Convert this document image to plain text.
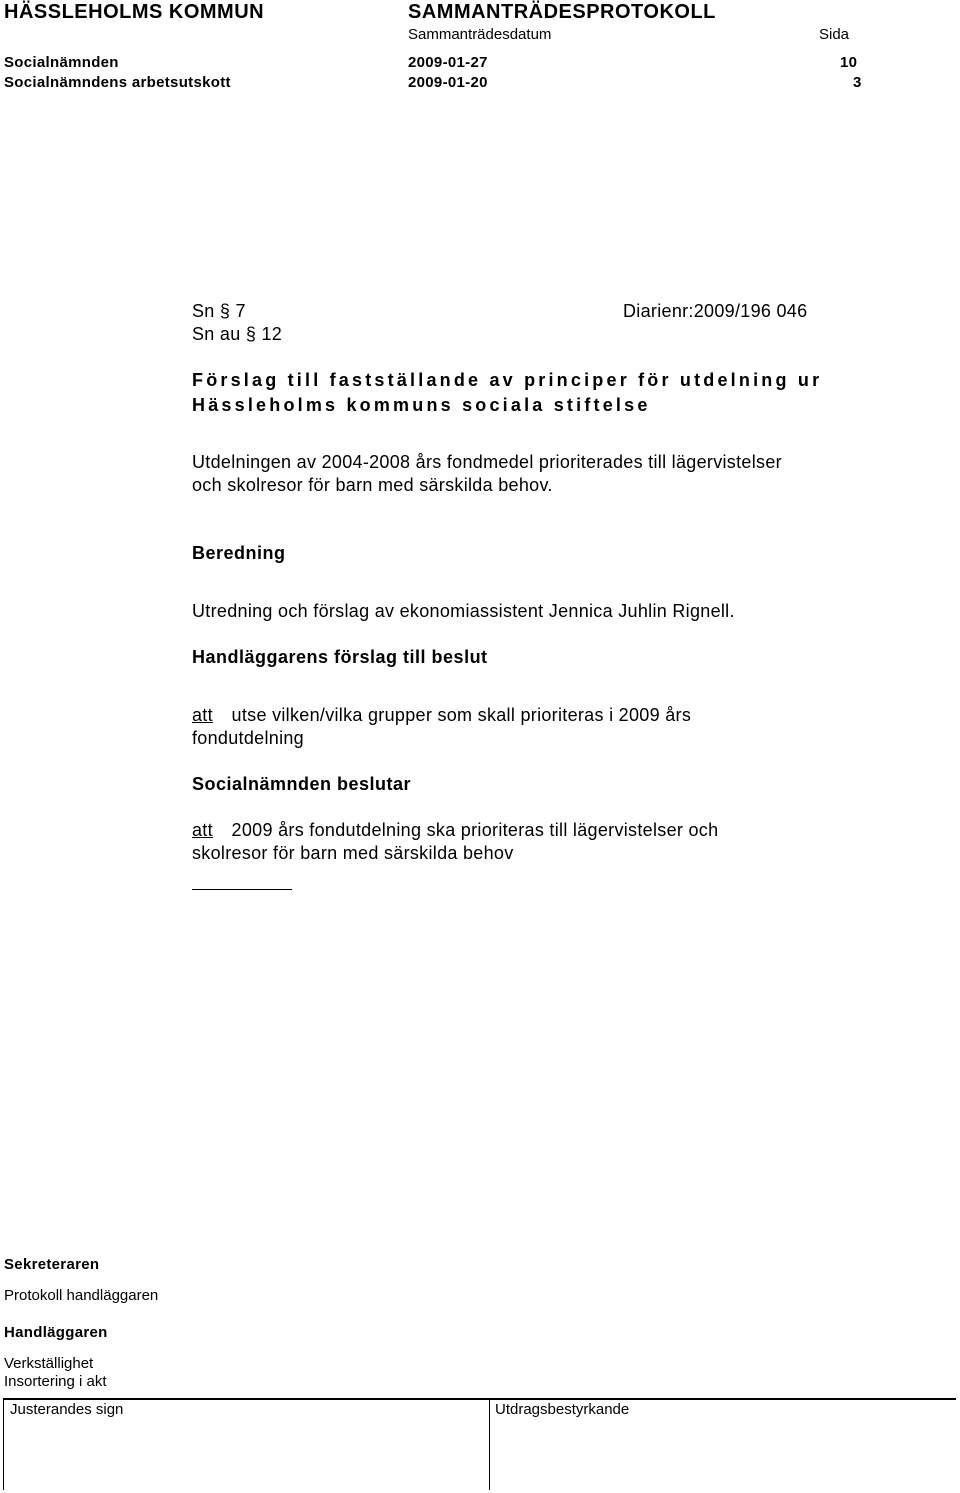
HÄSSLEHOLMS KOMMUN	SAMMANTRÄDESPROTOKOLL
Sammanträdesdatum	Sida
Socialnämnden	2009-01-27	10
Socialnämndens arbetsutskott	2009-01-20	3
Sn § 7	Diarienr:2009/196 046
Sn au § 12
Förslag till fastställande av principer för utdelning ur
Hässleholms kommuns sociala stiftelse
Utdelningen av 2004-2008 års fondmedel prioriterades till lägervistelser
och skolresor för barn med särskilda behov.
Beredning
Utredning och förslag av ekonomiassistent Jennica Juhlin Rignell.
Handläggarens förslag till beslut
att utse vilken/vilka grupper som skall prioriteras i 2009 års
fondutdelning
Socialnämnden beslutar
att 2009 års fondutdelning ska prioriteras till lägervistelser och
skolresor för barn med särskilda behov
Sekreteraren
Protokoll handläggaren
Handläggaren
Verkställighet
Insortering i akt
Justerandes sign	Utdragsbestyrkande
